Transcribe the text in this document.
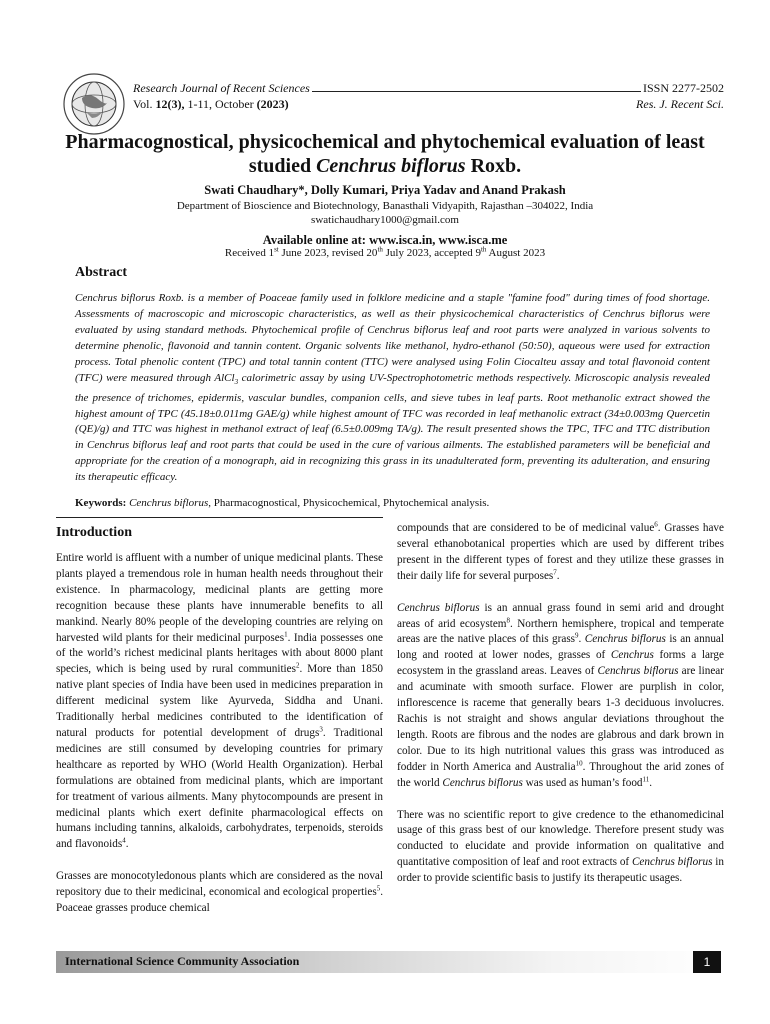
Research Journal of Recent Sciences	ISSN 2277-2502
Vol. 12(3), 1-11, October (2023)	Res. J. Recent Sci.
Pharmacognostical, physicochemical and phytochemical evaluation of least
studied Cenchrus biflorus Roxb.
Swati Chaudhary*, Dolly Kumari, Priya Yadav and Anand Prakash
Department of Bioscience and Biotechnology, Banasthali Vidyapith, Rajasthan –304022, India
swatichaudhary1000@gmail.com
Available online at: www.isca.in, www.isca.me
Received 1st June 2023, revised 20th July 2023, accepted 9th August 2023
Abstract
Cenchrus biflorus Roxb. is a member of Poaceae family used in folklore medicine and a staple "famine food" during times of food shortage. Assessments of macroscopic and microscopic characteristics, as well as their physicochemical characteristics of Cenchrus biflorus were evaluated by using standard methods. Phytochemical profile of Cenchrus biflorus leaf and root parts were analyzed in various solvents to determine phenolic, flavonoid and tannin content. Organic solvents like methanol, hydro-ethanol (50:50), aqueous were used for extraction process. Total phenolic content (TPC) and total tannin content (TTC) were analysed using Folin Ciocalteu assay and total flavonoid content (TFC) were measured through AlCl$_3$ calorimetric assay by using UV-Spectrophotometric methods respectively. Microscopic analysis revealed the presence of trichomes, epidermis, vascular bundles, companion cells, and sieve tubes in leaf parts. Root methanolic extract showed the highest amount of TPC (45.18±0.011mg GAE/g) while highest amount of TFC was recorded in leaf methanolic extract (34±0.003mg Quercetin (QE)/g) and TTC was highest in methanol extract of leaf (6.5±0.009mg TA/g). The result presented shows the TPC, TFC and TTC distribution in Cenchrus biflorus leaf and root parts that could be used in the cure of various ailments. The established parameters will be beneficial and appropriate for the creation of a monograph, aid in recognizing this grass in its unadulterated form, preventing its adulteration, and ensuring its therapeutic efficacy.
Keywords: Cenchrus biflorus, Pharmacognostical, Physicochemical, Phytochemical analysis.
Introduction

Entire world is affluent with a number of unique medicinal plants. These plants played a tremendous role in human health needs throughout their existence. In pharmacology, medicinal plants are getting more recognition because these plants have innumerable benefits to all mankind. Nearly 80% people of the developing countries are relying on harvested wild plants for their medicinal purposes$^1$. India possesses one of the world’s richest medicinal plants heritages with about 8000 plant species, which is being used by rural communities$^2$. More than 1850 native plant species of India have been used in medicines preparation in different medicinal system like Ayurveda, Siddha and Unani. Traditionally herbal medicines contributed to the identification of natural products for potential development of drugs$^3$. Traditional medicines are still consumed by developing countries for primary healthcare as reported by WHO (World Health Organization). Herbal formulations are obtained from medicinal plants, which are important for treatment of various ailments. Many phytocompounds are present in medicinal plants which exert definite pharmacological effects on humans including tannins, alkaloids, carbohydrates, terpenoids, steroids and flavonoids$^4$.

Grasses are monocotyledonous plants which are considered as the noval repository due to their medicinal, economical and ecological properties$^5$. Poaceae grasses produce chemical

compounds that are considered to be of medicinal value$^6$. Grasses have several ethanobotanical properties which are used by different tribes present in the different types of forest and they utilize these grasses in their daily life for several purposes$^7$.

Cenchrus biflorus is an annual grass found in semi arid and drought areas of arid ecosystem$^8$. Northern hemisphere, tropical and temperate areas are the native places of this grass$^9$. Cenchrus biflorus is an annual long and rooted at lower nodes, grasses of Cenchrus forms a large ecosystem in the grassland areas. Leaves of Cenchrus biflorus are linear and acuminate with smooth surface. Flower are purplish in color, inflorescence is raceme that generally bears 1-3 deciduous involucres. Rachis is not straight and shows angular deviations throughout the length. Roots are fibrous and the nodes are glabrous and dark brown in color. Due to its high nutritional values this grass was introduced as fodder in North America and Australia$^{10}$. Throughout the arid zones of the world Cenchrus biflorus was used as human’s food$^{11}$.

There was no scientific report to give credence to the ethanomedicinal usage of this grass best of our knowledge. Therefore present study was conducted to elucidate and provide information on qualitative and quantitative composition of leaf and root extracts of Cenchrus biflorus in order to provide scientific basis to justify its therapeutic usages.

International Science Community Association	1
